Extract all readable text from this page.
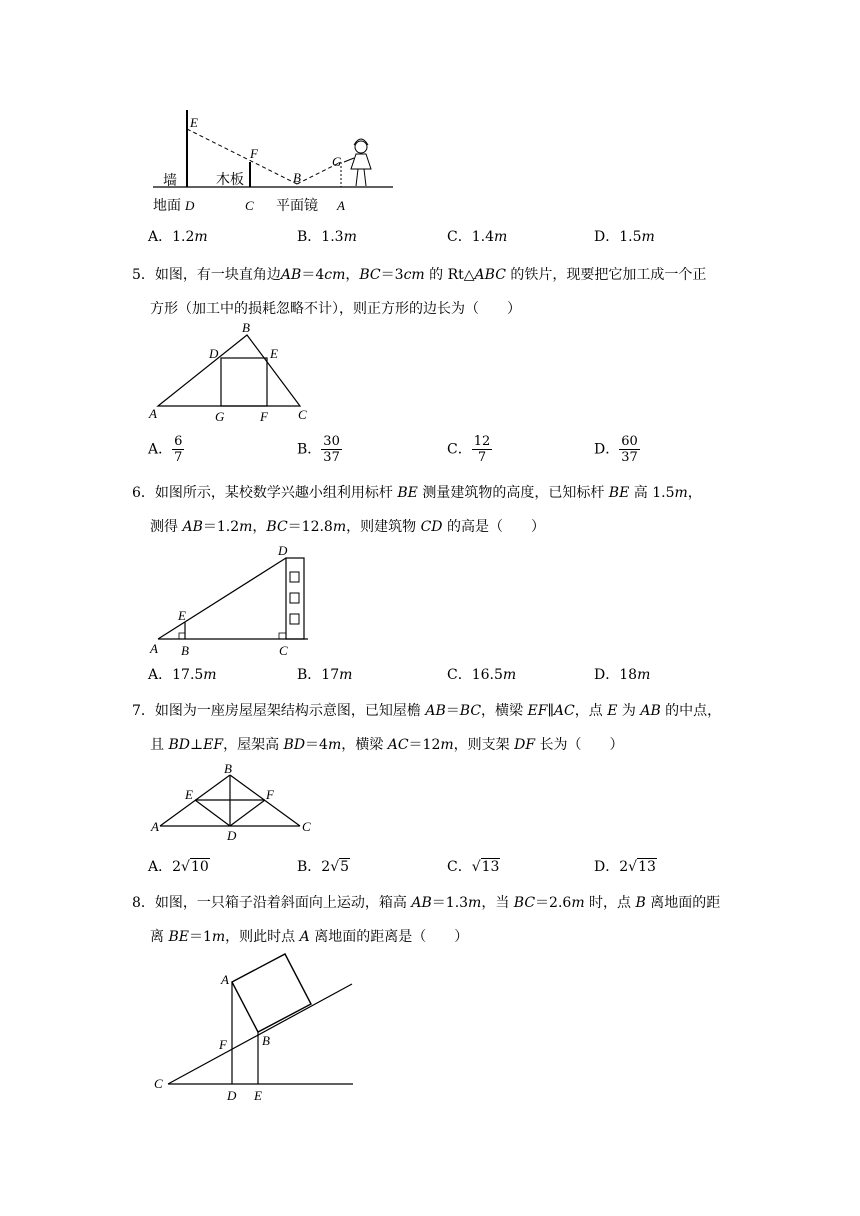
E
F
G
B
墙	木板
地面 D	C 平面镜 A
A．1.2m	B．1.3m	C．1.4m	D．1.5m
5．如图，有一块直角边AB＝4cm，BC＝3cm 的 Rt△ABC 的铁片，现要把它加工成一个正
方形（加工中的损耗忽略不计），则正方形的边长为（　　）
B
D	E
A	G	F C
A． $\frac{6}{7}$	B． $\frac{30}{37}$	C． $\frac{12}{7}$	D． $\frac{60}{37}$
6．如图所示，某校数学兴趣小组利用标杆 BE 测量建筑物的高度，已知标杆 BE 高 1.5m，
测得 AB＝1.2m，BC＝12.8m，则建筑物 CD 的高是（　　）
D
E
A B	C
A．17.5m	B．17m	C．16.5m	D．18m
7．如图为一座房屋屋架结构示意图，已知屋檐 AB＝BC，横梁 EF∥AC，点 E 为 AB 的中点，
且 BD⊥EF，屋架高 BD＝4m，横梁 AC＝12m，则支架 DF 长为（　　）
B
E	F
A
D
C
A．2√10	B．2√5	C．√13	D．2√13
8．如图，一只箱子沿着斜面向上运动，箱高 AB＝1.3m，当 BC＝2.6m 时，点 B 离地面的距
离 BE＝1m，则此时点 A 离地面的距离是（　　）
A
F	B
C
D E
